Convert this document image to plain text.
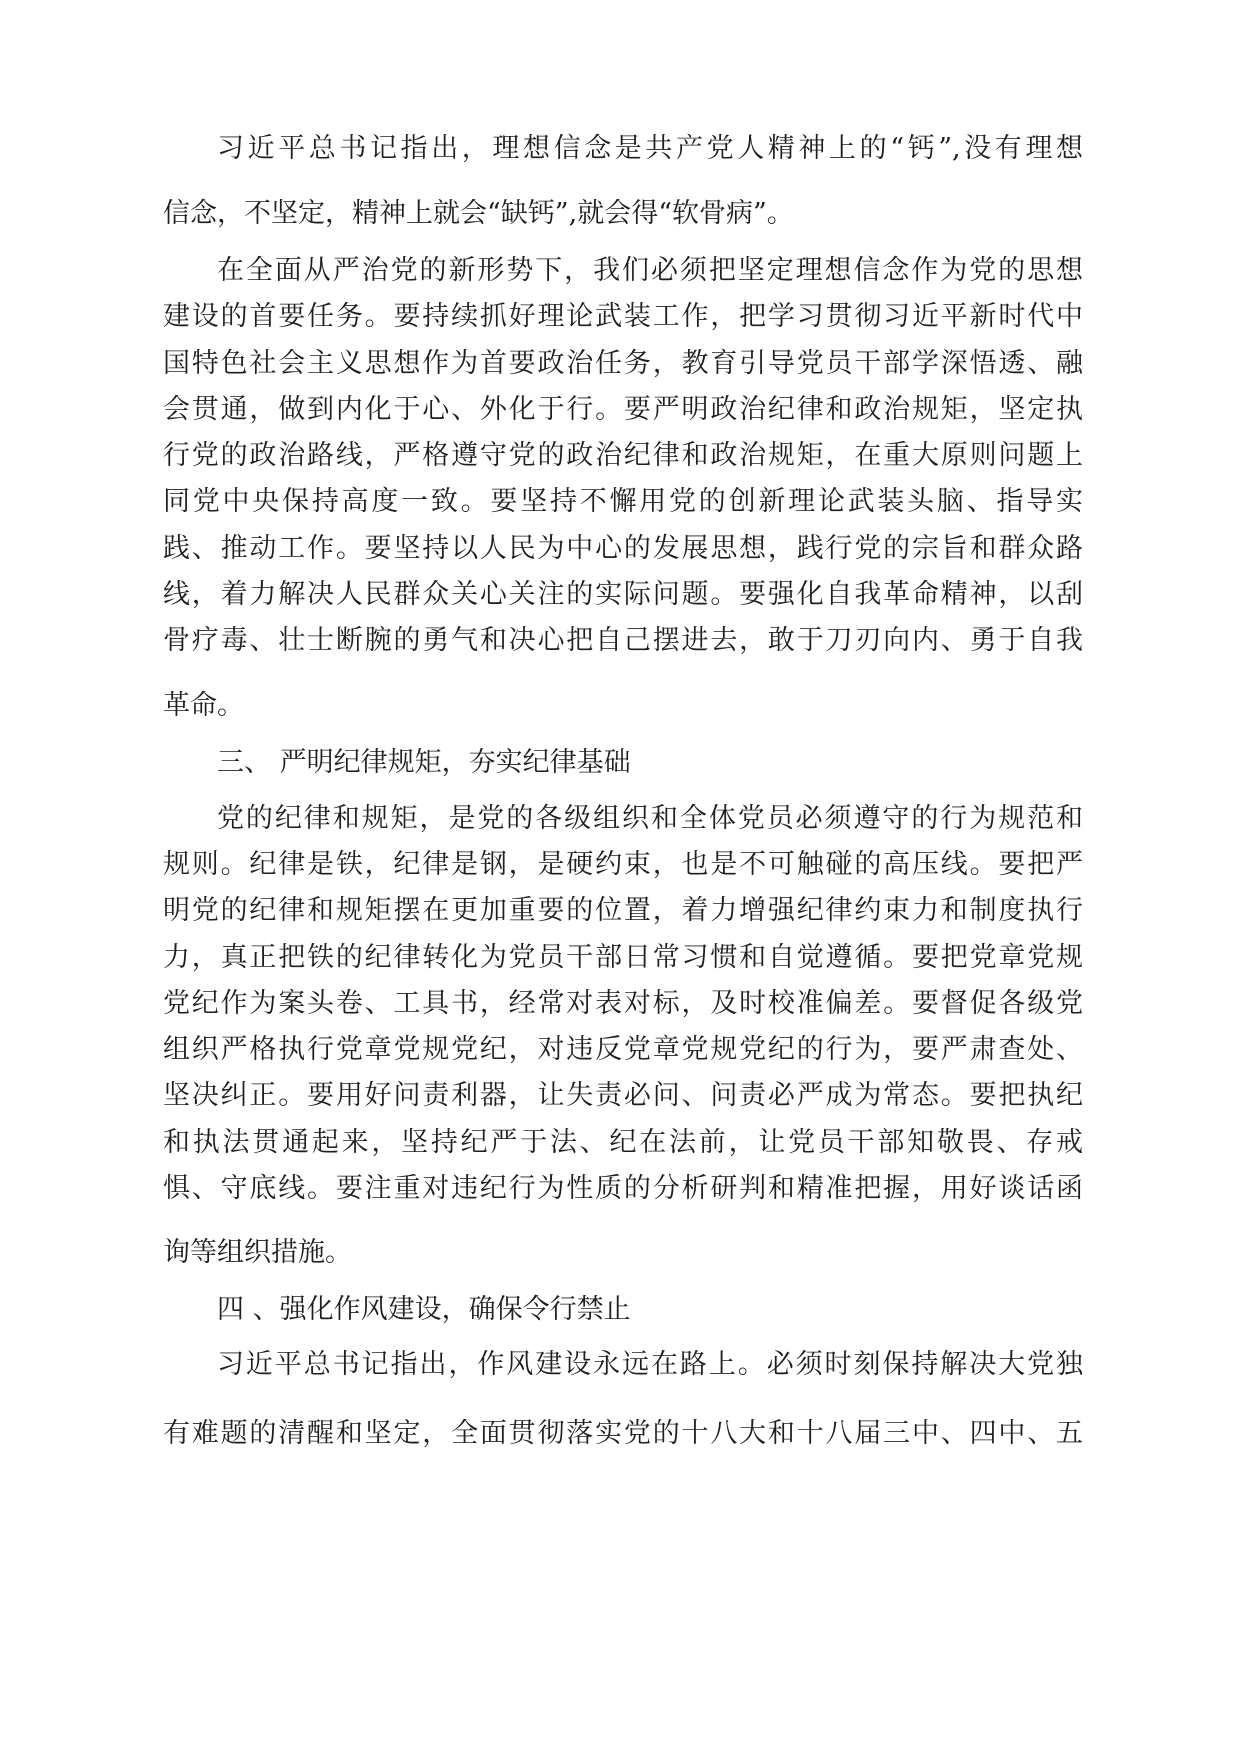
习近平总书记指出，理想信念是共产党人精神上的“钙”,没有理想
信念，不坚定，精神上就会“缺钙”,就会得“软骨病”。
在全面从严治党的新形势下，我们必须把坚定理想信念作为党的思想
建设的首要任务。要持续抓好理论武装工作，把学习贯彻习近平新时代中
国特色社会主义思想作为首要政治任务，教育引导党员干部学深悟透、融
会贯通，做到内化于心、外化于行。要严明政治纪律和政治规矩，坚定执
行党的政治路线，严格遵守党的政治纪律和政治规矩，在重大原则问题上
同党中央保持高度一致。要坚持不懈用党的创新理论武装头脑、指导实
践、推动工作。要坚持以人民为中心的发展思想，践行党的宗旨和群众路
线，着力解决人民群众关心关注的实际问题。要强化自我革命精神，以刮
骨疗毒、壮士断腕的勇气和决心把自己摆进去，敢于刀刃向内、勇于自我
革命。
三、 严明纪律规矩，夯实纪律基础
党的纪律和规矩，是党的各级组织和全体党员必须遵守的行为规范和
规则。纪律是铁，纪律是钢，是硬约束，也是不可触碰的高压线。要把严
明党的纪律和规矩摆在更加重要的位置，着力增强纪律约束力和制度执行
力，真正把铁的纪律转化为党员干部日常习惯和自觉遵循。要把党章党规
党纪作为案头卷、工具书，经常对表对标，及时校准偏差。要督促各级党
组织严格执行党章党规党纪，对违反党章党规党纪的行为，要严肃查处、
坚决纠正。要用好问责利器，让失责必问、问责必严成为常态。要把执纪
和执法贯通起来，坚持纪严于法、纪在法前，让党员干部知敬畏、存戒
惧、守底线。要注重对违纪行为性质的分析研判和精准把握，用好谈话函
询等组织措施。
四 、强化作风建设，确保令行禁止
习近平总书记指出，作风建设永远在路上。必须时刻保持解决大党独
有难题的清醒和坚定，全面贯彻落实党的十八大和十八届三中、四中、五
